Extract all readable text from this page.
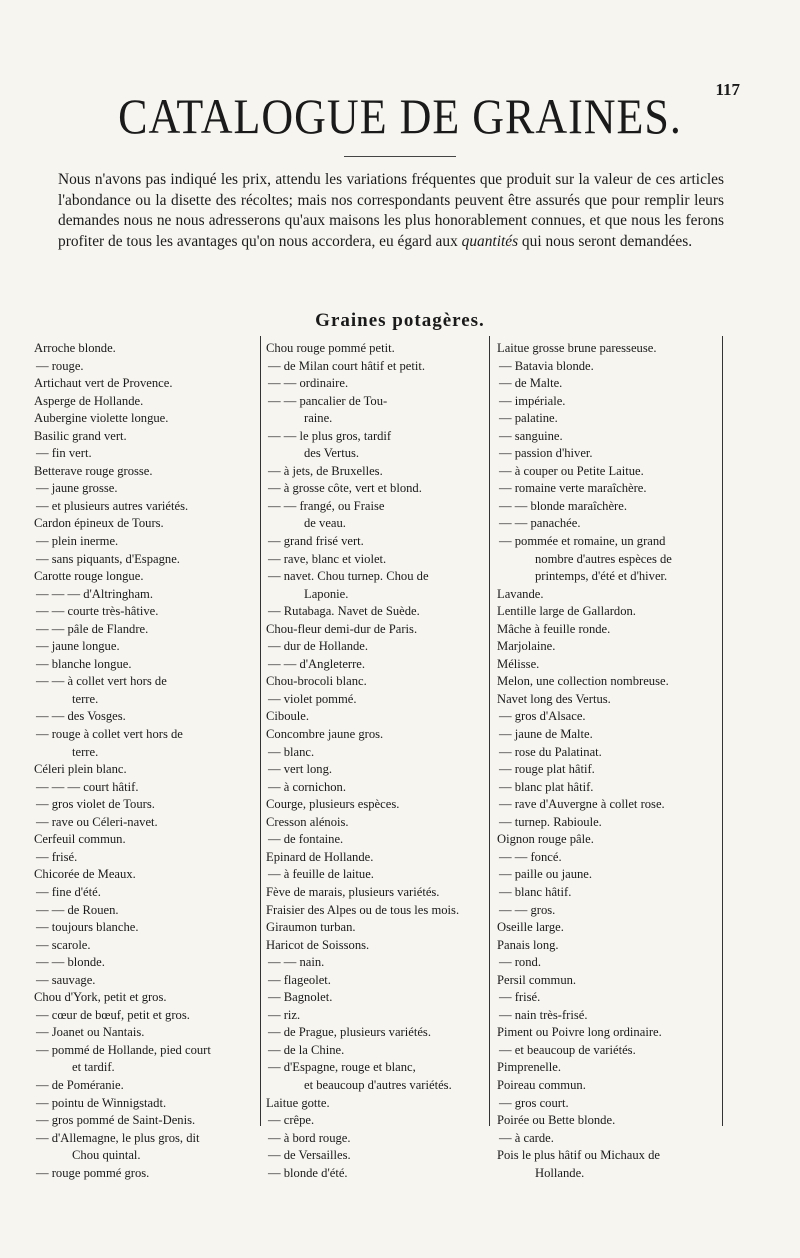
117
CATALOGUE DE GRAINES.

Nous n'avons pas indiqué les prix, attendu les variations fréquentes que produit sur la valeur de ces articles l'abondance ou la disette des récoltes; mais nos correspondants peuvent être assurés que pour remplir leurs demandes nous ne nous adresserons qu'aux maisons les plus honorablement connues, et que nous les ferons profiter de tous les avantages qu'on nous accordera, eu égard aux quantités qui nous seront demandées.

Graines potagères.
Arroche blonde.
— rouge.
Artichaut vert de Provence.
Asperge de Hollande.
Aubergine violette longue.
Basilic grand vert.
— fin vert.
Betterave rouge grosse.
— jaune grosse.
— et plusieurs autres variétés.
Cardon épineux de Tours.
— plein inerme.
— sans piquants, d'Espagne.
Carotte rouge longue.
— — — d'Altringham.
— — courte très-hâtive.
— — pâle de Flandre.
— jaune longue.
— blanche longue.
— — à collet vert hors de
terre.
— — des Vosges.
— rouge à collet vert hors de
terre.
Céleri plein blanc.
— — — court hâtif.
— gros violet de Tours.
— rave ou Céleri-navet.
Cerfeuil commun.
— frisé.
Chicorée de Meaux.
— fine d'été.
— — de Rouen.
— toujours blanche.
— scarole.
— — blonde.
— sauvage.
Chou d'York, petit et gros.
— cœur de bœuf, petit et gros.
— Joanet ou Nantais.
— pommé de Hollande, pied court
et tardif.
— de Poméranie.
— pointu de Winnigstadt.
— gros pommé de Saint-Denis.
— d'Allemagne, le plus gros, dit
Chou quintal.
— rouge pommé gros.
Chou rouge pommé petit.
— de Milan court hâtif et petit.
— — ordinaire.
— — pancalier de Tou-
raine.
— — le plus gros, tardif
des Vertus.
— à jets, de Bruxelles.
— à grosse côte, vert et blond.
— — frangé, ou Fraise
de veau.
— grand frisé vert.
— rave, blanc et violet.
— navet. Chou turnep. Chou de
Laponie.
— Rutabaga. Navet de Suède.
Chou-fleur demi-dur de Paris.
— dur de Hollande.
— — d'Angleterre.
Chou-brocoli blanc.
— violet pommé.
Ciboule.
Concombre jaune gros.
— blanc.
— vert long.
— à cornichon.
Courge, plusieurs espèces.
Cresson alénois.
— de fontaine.
Epinard de Hollande.
— à feuille de laitue.
Fève de marais, plusieurs variétés.
Fraisier des Alpes ou de tous les mois.
Giraumon turban.
Haricot de Soissons.
— — nain.
— flageolet.
— Bagnolet.
— riz.
— de Prague, plusieurs variétés.
— de la Chine.
— d'Espagne, rouge et blanc,
et beaucoup d'autres variétés.
Laitue gotte.
— crêpe.
— à bord rouge.
— de Versailles.
— blonde d'été.
Laitue grosse brune paresseuse.
— Batavia blonde.
— de Malte.
— impériale.
— palatine.
— sanguine.
— passion d'hiver.
— à couper ou Petite Laitue.
— romaine verte maraîchère.
— — blonde maraîchère.
— — panachée.
— pommée et romaine, un grand
nombre d'autres espèces de
printemps, d'été et d'hiver.
Lavande.
Lentille large de Gallardon.
Mâche à feuille ronde.
Marjolaine.
Mélisse.
Melon, une collection nombreuse.
Navet long des Vertus.
— gros d'Alsace.
— jaune de Malte.
— rose du Palatinat.
— rouge plat hâtif.
— blanc plat hâtif.
— rave d'Auvergne à collet rose.
— turnep. Rabioule.
Oignon rouge pâle.
— — foncé.
— paille ou jaune.
— blanc hâtif.
— — gros.
Oseille large.
Panais long.
— rond.
Persil commun.
— frisé.
— nain très-frisé.
Piment ou Poivre long ordinaire.
— et beaucoup de variétés.
Pimprenelle.
Poireau commun.
— gros court.
Poirée ou Bette blonde.
— à carde.
Pois le plus hâtif ou Michaux de
Hollande.
